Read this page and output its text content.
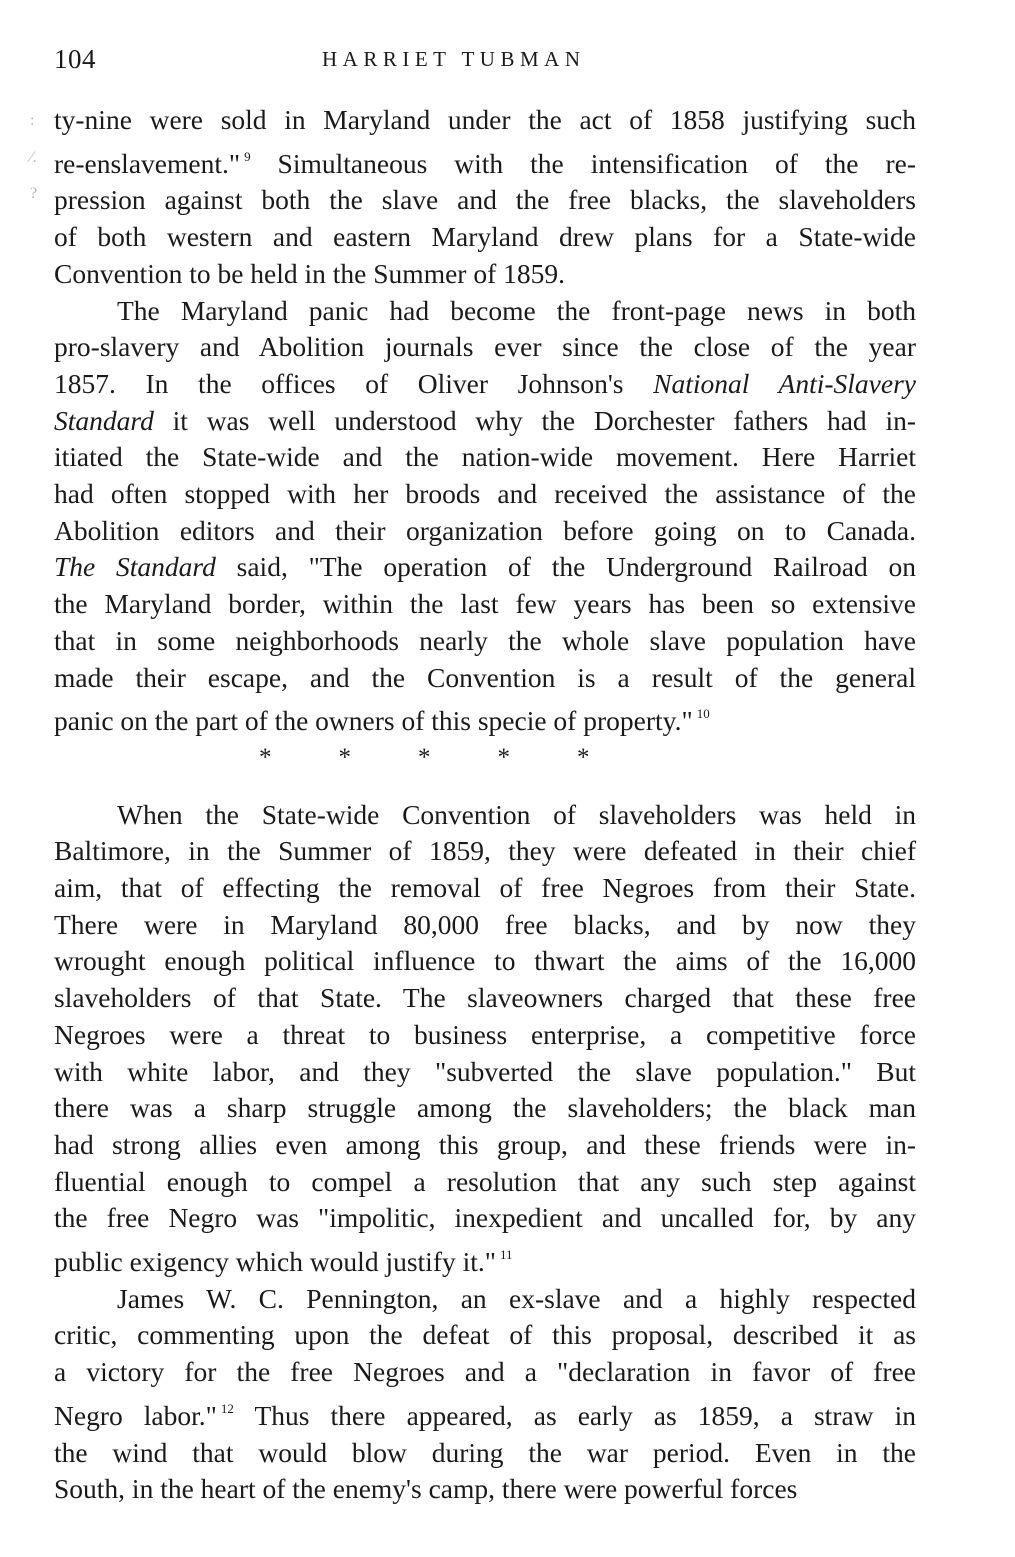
104	HARRIET TUBMAN
:
⁄.
?

ty-nine were sold in Maryland under the act of 1858 justifying such

re-enslavement." $^9$ Simultaneous with the intensification of the re-

pression against both the slave and the free blacks, the slaveholders

of both western and eastern Maryland drew plans for a State-wide

Convention to be held in the Summer of 1859.

The Maryland panic had become the front-page news in both

pro-slavery and Abolition journals ever since the close of the year

1857. In the offices of Oliver Johnson's National Anti-Slavery

Standard it was well understood why the Dorchester fathers had in-

itiated the State-wide and the nation-wide movement. Here Harriet

had often stopped with her broods and received the assistance of the

Abolition editors and their organization before going on to Canada.

The Standard said, "The operation of the Underground Railroad on

the Maryland border, within the last few years has been so extensive

that in some neighborhoods nearly the whole slave population have

made their escape, and the Convention is a result of the general

panic on the part of the owners of this specie of property." $^{10}$

*	*	*	*	*

When the State-wide Convention of slaveholders was held in

Baltimore, in the Summer of 1859, they were defeated in their chief

aim, that of effecting the removal of free Negroes from their State.

There were in Maryland 80,000 free blacks, and by now they

wrought enough political influence to thwart the aims of the 16,000

slaveholders of that State. The slaveowners charged that these free

Negroes were a threat to business enterprise, a competitive force

with white labor, and they "subverted the slave population." But

there was a sharp struggle among the slaveholders; the black man

had strong allies even among this group, and these friends were in-

fluential enough to compel a resolution that any such step against

the free Negro was "impolitic, inexpedient and uncalled for, by any

public exigency which would justify it." $^{11}$

James W. C. Pennington, an ex-slave and a highly respected

critic, commenting upon the defeat of this proposal, described it as

a victory for the free Negroes and a "declaration in favor of free

Negro labor." $^{12}$ Thus there appeared, as early as 1859, a straw in

the wind that would blow during the war period. Even in the

South, in the heart of the enemy's camp, there were powerful forces
